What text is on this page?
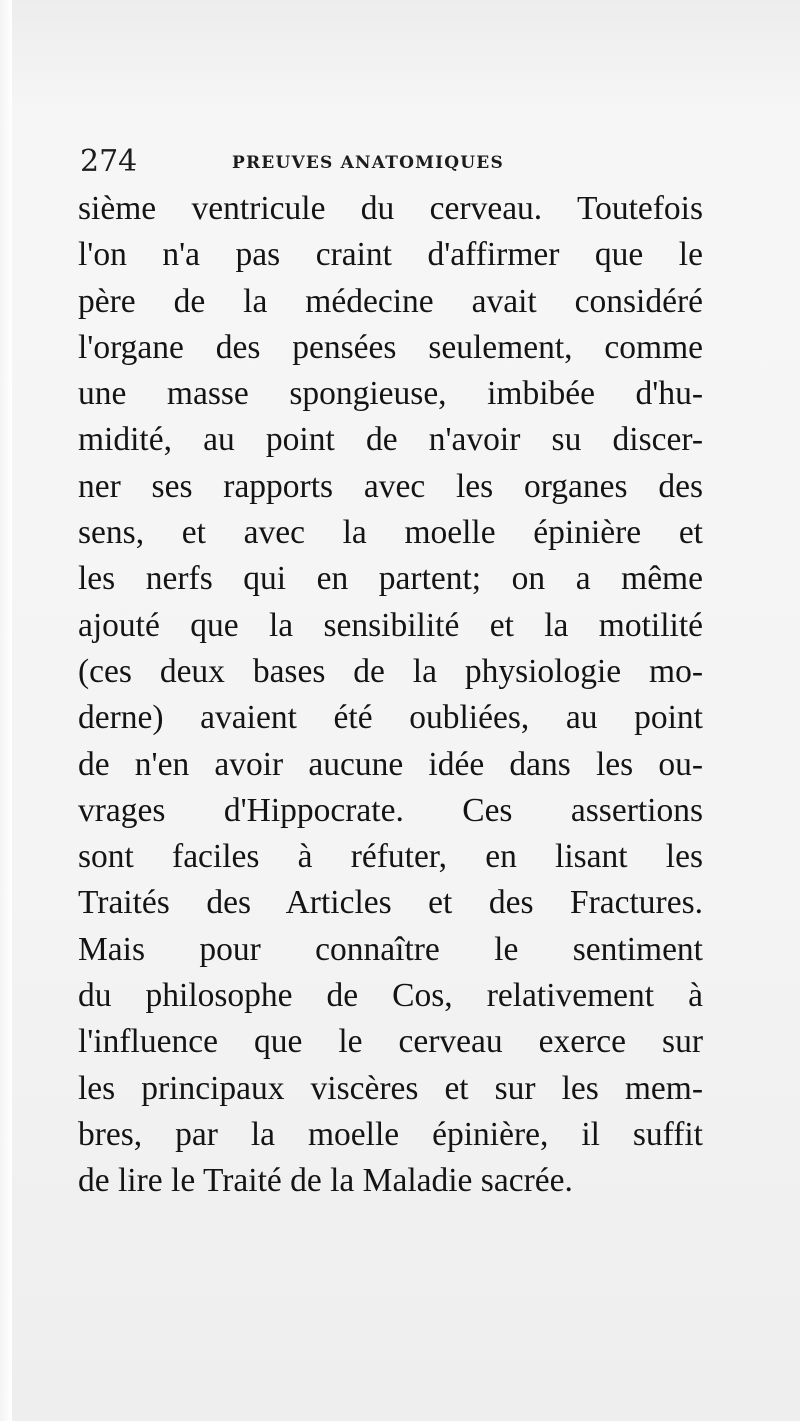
274	PREUVES ANATOMIQUES
sième ventricule du cerveau. Toutefois
l'on n'a pas craint d'affirmer que le
père de la médecine avait considéré
l'organe des pensées seulement, comme
une masse spongieuse, imbibée d'hu-
midité, au point de n'avoir su discer-
ner ses rapports avec les organes des
sens, et avec la moelle épinière et
les nerfs qui en partent; on a même
ajouté que la sensibilité et la motilité
(ces deux bases de la physiologie mo-
derne) avaient été oubliées, au point
de n'en avoir aucune idée dans les ou-
vrages d'Hippocrate. Ces assertions
sont faciles à réfuter, en lisant les
Traités des Articles et des Fractures.
Mais pour connaître le sentiment
du philosophe de Cos, relativement à
l'influence que le cerveau exerce sur
les principaux viscères et sur les mem-
bres, par la moelle épinière, il suffit
de lire le Traité de la Maladie sacrée.
